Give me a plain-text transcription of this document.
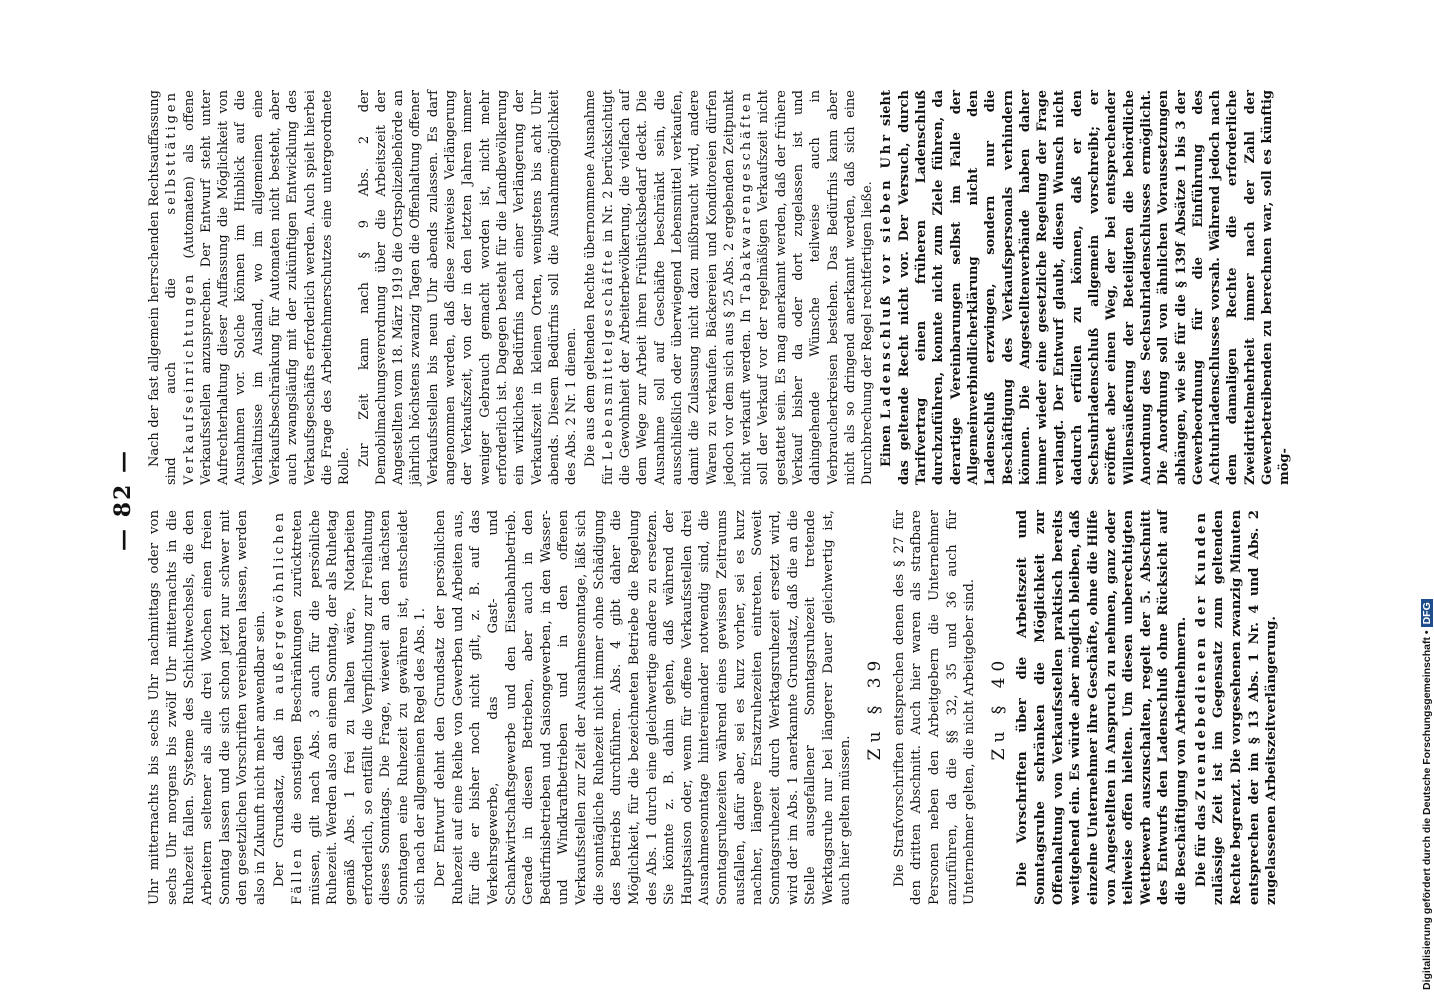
— 82 —

Uhr mitternachts bis sechs Uhr nachmittags oder von sechs Uhr morgens bis zwölf Uhr mitternachts in die Ruhezeit fallen. Systeme des Schichtwechsels, die den Arbeitern seltener als alle drei Wochen einen freien Sonntag lassen und die sich schon jetzt nur schwer mit den gesetzlichen Vorschriften vereinbaren lassen, werden also in Zukunft nicht mehr anwendbar sein. Der Grundsatz, daß in außergewöhnlichen Fällen die sonstigen Beschränkungen zurücktreten müssen, gilt nach Abs. 3 auch für die persönliche Ruhezeit. Werden also an einem Sonntag, der als Ruhetag gemäß Abs. 1 frei zu halten wäre, Notarbeiten erforderlich, so entfällt die Verpflichtung zur Freihaltung dieses Sonntags. Die Frage, wieweit an den nächsten Sonntagen eine Ruhezeit zu gewähren ist, entscheidet sich nach der allgemeinen Regel des Abs. 1. Der Entwurf dehnt den Grundsatz der persönlichen Ruhezeit auf eine Reihe von Gewerben und Arbeiten aus, für die er bisher noch nicht gilt, z. B. auf das Verkehrsgewerbe, das Gast- und Schankwirtschaftsgewerbe und den Eisenbahnbetrieb. Gerade in diesen Betrieben, aber auch in den Bedürfnisbetrieben und Saisongewerben, in den Wasser- und Windkraftbetrieben und in den offenen Verkaufsstellen zur Zeit der Ausnahmesonntage, läßt sich die sonntägliche Ruhezeit nicht immer ohne Schädigung des Betriebs durchführen. Abs. 4 gibt daher die Möglichkeit, für die bezeichneten Betriebe die Regelung des Abs. 1 durch eine gleichwertige andere zu ersetzen. Sie könnte z. B. dahin gehen, daß während der Hauptsaison oder, wenn für offene Verkaufsstellen drei Ausnahmesonntage hintereinander notwendig sind, die Sonntagsruhezeiten während eines gewissen Zeitraums ausfallen, dafür aber, sei es kurz vorher, sei es kurz nachher, längere Ersatzruhezeiten eintreten. Soweit Sonntagsruhezeit durch Werktagsruhezeit ersetzt wird, wird der im Abs. 1 anerkannte Grundsatz, daß die an die Stelle ausgefallener Sonntagsruhezeit tretende Werktagsruhe nur bei längerer Dauer gleichwertig ist, auch hier gelten müssen.

Zu § 39 Die Strafvorschriften entsprechen denen des § 27 für den dritten Abschnitt. Auch hier waren als strafbare Personen neben den Arbeitgebern die Unternehmer anzuführen, da die §§ 32, 35 und 36 auch für Unternehmer gelten, die nicht Arbeitgeber sind. Zu § 40 Die Vorschriften über die Arbeitszeit und Sonntagsruhe schränken die Möglichkeit zur Offenhaltung von Verkaufsstellen praktisch bereits weitgehend ein. Es würde aber möglich bleiben, daß einzelne Unternehmer ihre Geschäfte, ohne die Hilfe von Angestellten in Anspruch zu nehmen, ganz oder teilweise offen hielten. Um diesen unberechtigten Wettbewerb auszuschalten, regelt der 5. Abschnitt des Entwurfs den Ladenschluß ohne Rücksicht auf die Beschäftigung von Arbeitnehmern. Die für das Zuendebedienen der Kunden zulässige Zeit ist im Gegensatz zum geltenden Rechte begrenzt. Die vorgesehenen zwanzig Minuten entsprechen der im § 13 Abs. 1 Nr. 4 und Abs. 2 zugelassenen Arbeitszeitverlängerung.

Nach der fast allgemein herrschenden Rechtsauffassung sind auch die selbsttätigen Verkaufseinrichtungen (Automaten) als offene Verkaufsstellen anzusprechen. Der Entwurf steht unter Aufrechterhaltung dieser Auffassung die Möglichkeit von Ausnahmen vor. Solche können im Hinblick auf die Verhältnisse im Ausland, wo im allgemeinen eine Verkaufsbeschränkung für Automaten nicht besteht, aber auch zwangsläufig mit der zukünftigen Entwicklung des Verkaufsgeschäfts erforderlich werden. Auch spielt hierbei die Frage des Arbeitnehmerschutzes eine untergeordnete Rolle. Zur Zeit kann nach § 9 Abs. 2 der Demobilmachungsverordnung über die Arbeitszeit der Angestellten vom 18. März 1919 die Ortspolizeibehörde an jährlich höchstens zwanzig Tagen die Offenhaltung offener Verkaufsstellen bis neun Uhr abends zulassen. Es darf angenommen werden, daß diese zeitweise Verlängerung der Verkaufszeit, von der in den letzten Jahren immer weniger Gebrauch gemacht worden ist, nicht mehr erforderlich ist. Dagegen besteht für die Landbevölkerung ein wirkliches Bedürfnis nach einer Verlängerung der Verkaufszeit in kleinen Orten, wenigstens bis acht Uhr abends. Diesem Bedürfnis soll die Ausnahmemöglichkeit des Abs. 2 Nr. 1 dienen. Die aus dem geltenden Rechte übernommene Ausnahme für Lebensmittelgeschäfte in Nr. 2 berücksichtigt die Gewohnheit der Arbeiterbevölkerung, die vielfach auf dem Wege zur Arbeit ihren Frühstücksbedarf deckt. Die Ausnahme soll auf Geschäfte beschränkt sein, die ausschließlich oder überwiegend Lebensmittel verkaufen, damit die Zulassung nicht dazu mißbraucht wird, andere Waren zu verkaufen. Bäckereien und Konditoreien dürfen jedoch vor dem sich aus § 25 Abs. 2 ergebenden Zeitpunkt nicht verkauft werden. In Tabakwarengeschäften soll der Verkauf vor der regelmäßigen Verkaufszeit nicht gestattet sein. Es mag anerkannt werden, daß der frühere Verkauf bisher da oder dort zugelassen ist und dahingehende Wünsche teilweise auch in Verbraucherkreisen bestehen. Das Bedürfnis kann aber nicht als so dringend anerkannt werden, daß sich eine Durchbrechung der Regel rechtfertigen ließe. Einen Ladenschluß vor sieben Uhr sieht das geltende Recht nicht vor. Der Versuch, durch Tarifvertrag einen früheren Ladenschluß durchzuführen, konnte nicht zum Ziele führen, da derartige Vereinbarungen selbst im Falle der Allgemeinverbindlicherklärung nicht den Ladenschluß erzwingen, sondern nur die Beschäftigung des Verkaufspersonals verhindern können. Die Angestelltenverbände haben daher immer wieder eine gesetzliche Regelung der Frage verlangt. Der Entwurf glaubt, diesen Wunsch nicht dadurch erfüllen zu können, daß er den Sechsuhrladenschluß allgemein vorschreibt; er eröffnet aber einen Weg, der bei entsprechender Willensäußerung der Beteiligten die behördliche Anordnung des Sechsuhrladenschlusses ermöglicht. Die Anordnung soll von ähnlichen Voraussetzungen abhängen, wie sie für die § 139f Absätze 1 bis 3 der Gewerbeordnung für die Einführung des Achtuhrladenschlusses vorsah. Während jedoch nach dem damaligen Rechte die erforderliche Zweidrittelmehrheit immer nach der Zahl der Gewerbetreibenden zu berechnen war, soll es künftig mög-

Digitalisierung gefördert durch die Deutsche Forschungsgemeinschaft •DFG
